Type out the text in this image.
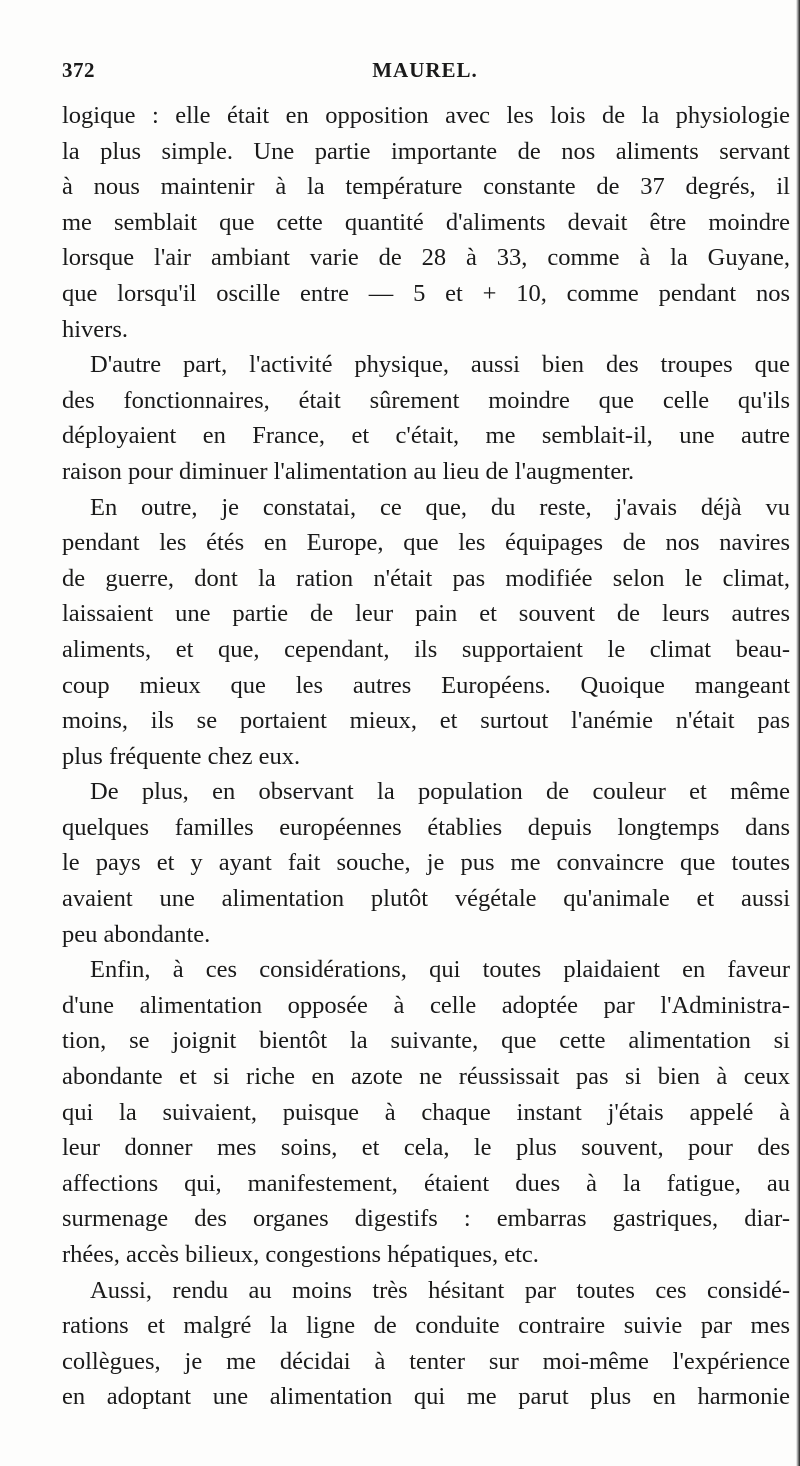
372	MAUREL.
logique : elle était en opposition avec les lois de la physiologie
la plus simple. Une partie importante de nos aliments servant
à nous maintenir à la température constante de 37 degrés, il
me semblait que cette quantité d'aliments devait être moindre
lorsque l'air ambiant varie de 28 à 33, comme à la Guyane,
que lorsqu'il oscille entre — 5 et + 10, comme pendant nos
hivers.
D'autre part, l'activité physique, aussi bien des troupes que
des fonctionnaires, était sûrement moindre que celle qu'ils
déployaient en France, et c'était, me semblait-il, une autre
raison pour diminuer l'alimentation au lieu de l'augmenter.
En outre, je constatai, ce que, du reste, j'avais déjà vu
pendant les étés en Europe, que les équipages de nos navires
de guerre, dont la ration n'était pas modifiée selon le climat,
laissaient une partie de leur pain et souvent de leurs autres
aliments, et que, cependant, ils supportaient le climat beau-
coup mieux que les autres Européens. Quoique mangeant
moins, ils se portaient mieux, et surtout l'anémie n'était pas
plus fréquente chez eux.
De plus, en observant la population de couleur et même
quelques familles européennes établies depuis longtemps dans
le pays et y ayant fait souche, je pus me convaincre que toutes
avaient une alimentation plutôt végétale qu'animale et aussi
peu abondante.
Enfin, à ces considérations, qui toutes plaidaient en faveur
d'une alimentation opposée à celle adoptée par l'Administra-
tion, se joignit bientôt la suivante, que cette alimentation si
abondante et si riche en azote ne réussissait pas si bien à ceux
qui la suivaient, puisque à chaque instant j'étais appelé à
leur donner mes soins, et cela, le plus souvent, pour des
affections qui, manifestement, étaient dues à la fatigue, au
surmenage des organes digestifs : embarras gastriques, diar-
rhées, accès bilieux, congestions hépatiques, etc.
Aussi, rendu au moins très hésitant par toutes ces considé-
rations et malgré la ligne de conduite contraire suivie par mes
collègues, je me décidai à tenter sur moi-même l'expérience
en adoptant une alimentation qui me parut plus en harmonie
